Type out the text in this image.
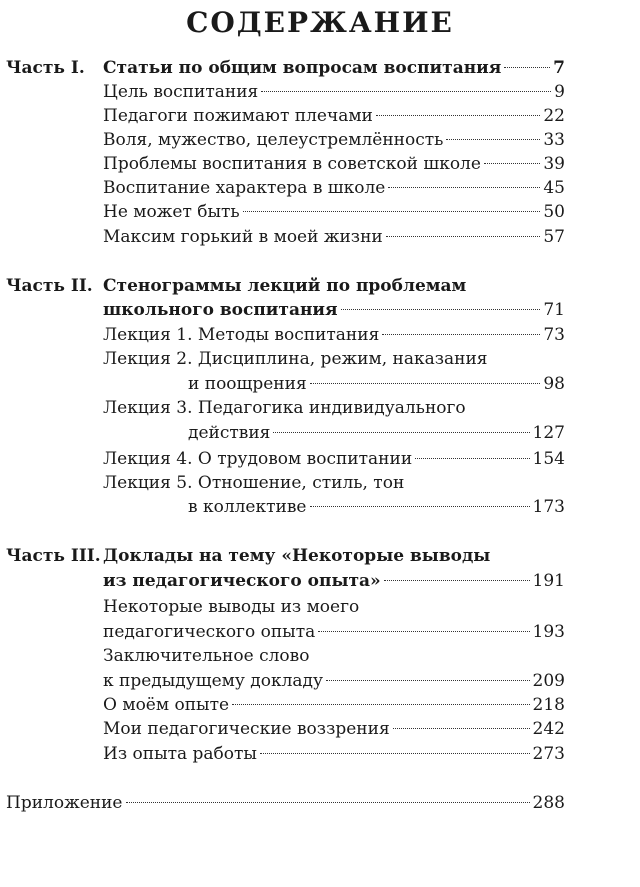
СОДЕРЖАНИЕ
Часть I. Статьи по общим вопросам воспитания	7
Цель воспитания	9
Педагоги пожимают плечами	22
Воля, мужество, целеустремлённость	33
Проблемы воспитания в советской школе	39
Воспитание характера в школе	45
Не может быть	50
Максим горький в моей жизни	57
Часть II. Стенограммы лекций по проблемам
школьного воспитания	71
Лекция 1. Методы воспитания	73
Лекция 2. Дисциплина, режим, наказания
и поощрения	98
Лекция 3. Педагогика индивидуального
действия	127
Лекция 4. О трудовом воспитании	154
Лекция 5. Отношение, стиль, тон
в коллективе	173
Часть III. Доклады на тему «Некоторые выводы
из педагогического опыта»	191
Некоторые выводы из моего
педагогического опыта	193
Заключительное слово
к предыдущему докладу	209
О моём опыте	218
Мои педагогические воззрения	242
Из опыта работы	273
Приложение	288
